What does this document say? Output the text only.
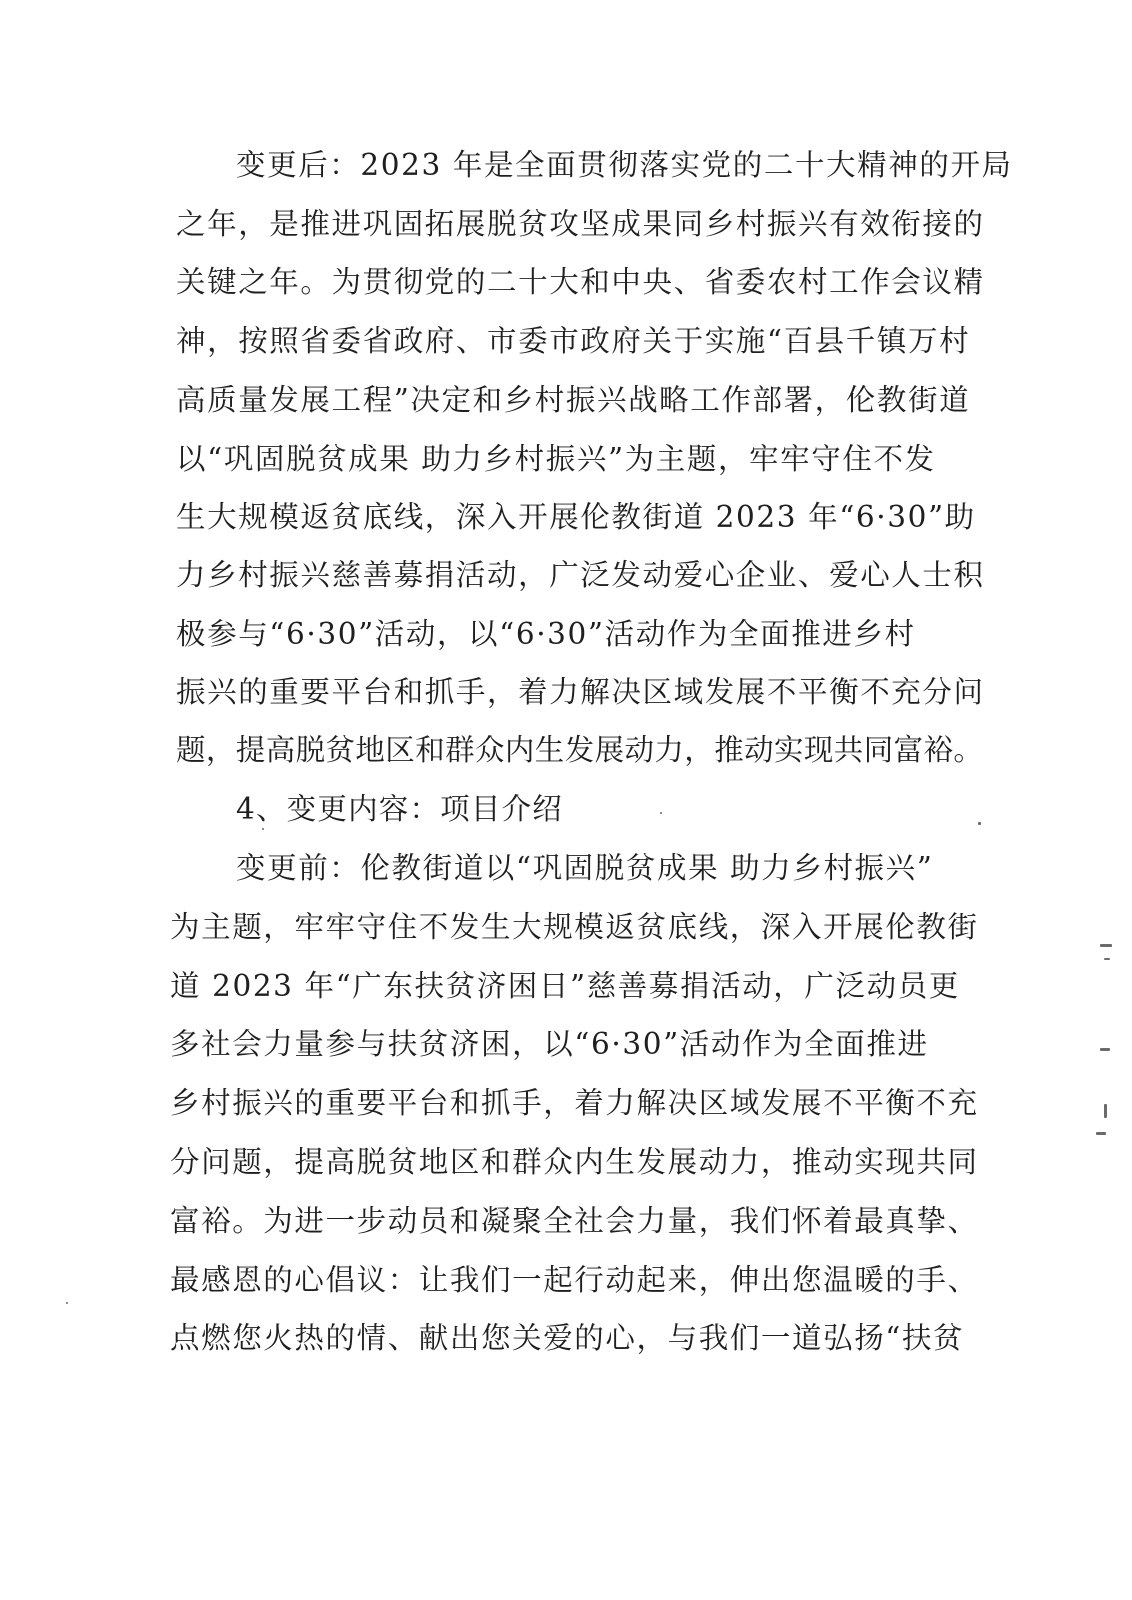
变更后：2023 年是全面贯彻落实党的二十大精神的开局

之年，是推进巩固拓展脱贫攻坚成果同乡村振兴有效衔接的

关键之年。为贯彻党的二十大和中央、省委农村工作会议精

神，按照省委省政府、市委市政府关于实施“百县千镇万村

高质量发展工程”决定和乡村振兴战略工作部署，伦教街道

以“巩固脱贫成果 助力乡村振兴”为主题，牢牢守住不发

生大规模返贫底线，深入开展伦教街道 2023 年“6·30”助

力乡村振兴慈善募捐活动，广泛发动爱心企业、爱心人士积

极参与“6·30”活动，以“6·30”活动作为全面推进乡村

振兴的重要平台和抓手，着力解决区域发展不平衡不充分问

题，提高脱贫地区和群众内生发展动力，推动实现共同富裕。

4、变更内容：项目介绍

变更前：伦教街道以“巩固脱贫成果 助力乡村振兴”

为主题，牢牢守住不发生大规模返贫底线，深入开展伦教街

道 2023 年“广东扶贫济困日”慈善募捐活动，广泛动员更

多社会力量参与扶贫济困，以“6·30”活动作为全面推进

乡村振兴的重要平台和抓手，着力解决区域发展不平衡不充

分问题，提高脱贫地区和群众内生发展动力，推动实现共同

富裕。为进一步动员和凝聚全社会力量，我们怀着最真挚、

最感恩的心倡议：让我们一起行动起来，伸出您温暖的手、

点燃您火热的情、献出您关爱的心，与我们一道弘扬“扶贫
